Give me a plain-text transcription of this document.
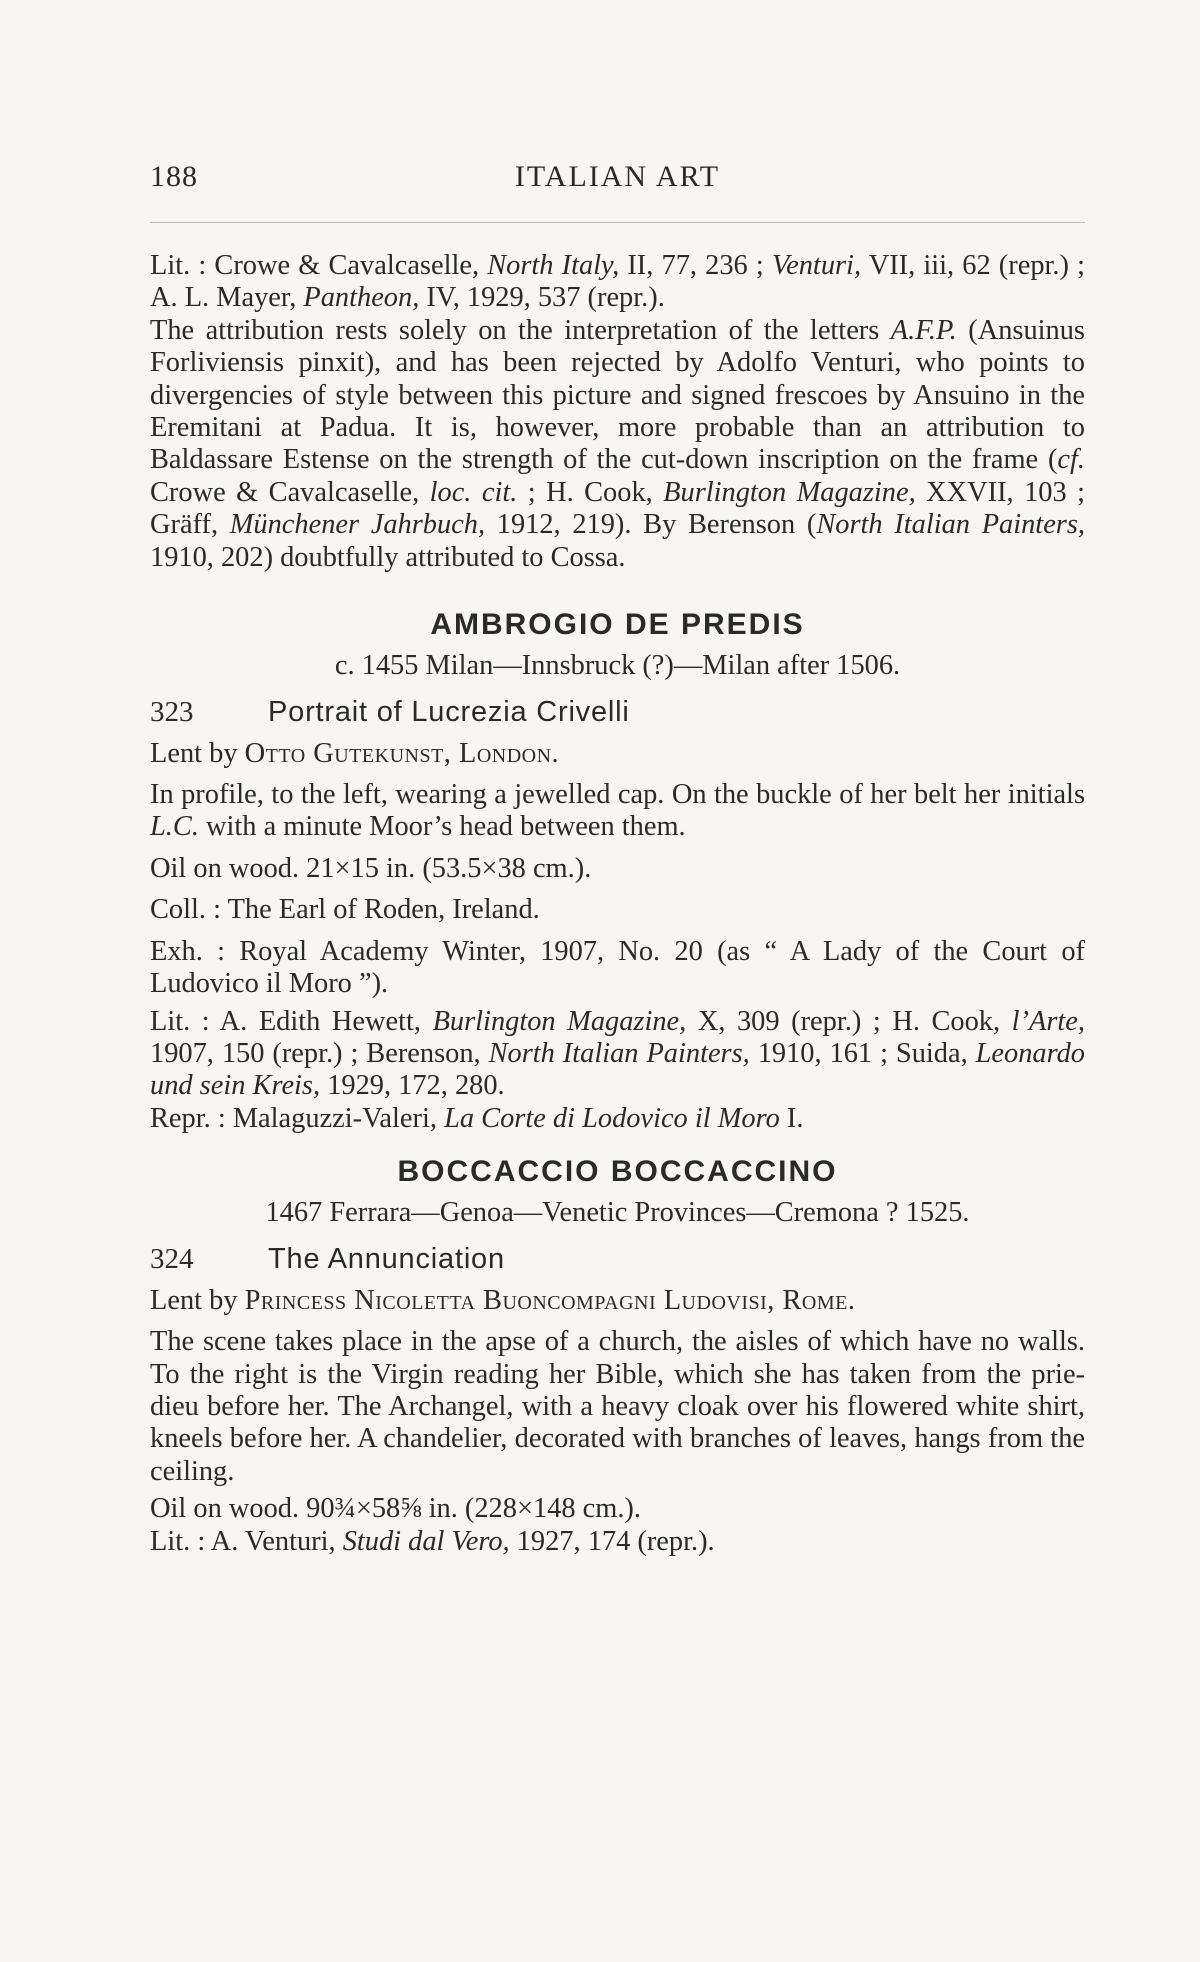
188	ITALIAN ART

Lit. : Crowe & Cavalcaselle, North Italy, II, 77, 236 ; Venturi, VII, iii, 62 (repr.) ; A. L. Mayer, Pantheon, IV, 1929, 537 (repr.).

The attribution rests solely on the interpretation of the letters A.F.P. (Ansuinus Forliviensis pinxit), and has been rejected by Adolfo Venturi, who points to divergencies of style between this picture and signed frescoes by Ansuino in the Eremitani at Padua. It is, however, more probable than an attribution to Baldassare Estense on the strength of the cut-down inscription on the frame (cf. Crowe & Cavalcaselle, loc. cit. ; H. Cook, Burlington Magazine, XXVII, 103 ; Gräff, Münchener Jahrbuch, 1912, 219). By Berenson (North Italian Painters, 1910, 202) doubtfully attributed to Cossa.

AMBROGIO DE PREDIS

c. 1455 Milan—Innsbruck (?)—Milan after 1506.

323	Portrait of Lucrezia Crivelli

Lent by Otto Gutekunst, London.

In profile, to the left, wearing a jewelled cap. On the buckle of her belt her initials L.C. with a minute Moor’s head between them.

Oil on wood. 21×15 in. (53.5×38 cm.).

Coll. : The Earl of Roden, Ireland.

Exh. : Royal Academy Winter, 1907, No. 20 (as “ A Lady of the Court of Ludovico il Moro ”).

Lit. : A. Edith Hewett, Burlington Magazine, X, 309 (repr.) ; H. Cook, l’Arte, 1907, 150 (repr.) ; Berenson, North Italian Painters, 1910, 161 ; Suida, Leonardo und sein Kreis, 1929, 172, 280.

Repr. : Malaguzzi-Valeri, La Corte di Lodovico il Moro I.

BOCCACCIO BOCCACCINO

1467 Ferrara—Genoa—Venetic Provinces—Cremona ? 1525.

324	The Annunciation

Lent by Princess Nicoletta Buoncompagni Ludovisi, Rome.

The scene takes place in the apse of a church, the aisles of which have no walls. To the right is the Virgin reading her Bible, which she has taken from the prie-dieu before her. The Archangel, with a heavy cloak over his flowered white shirt, kneels before her. A chandelier, decorated with branches of leaves, hangs from the ceiling.

Oil on wood. 90¾×58⅝ in. (228×148 cm.).

Lit. : A. Venturi, Studi dal Vero, 1927, 174 (repr.).
